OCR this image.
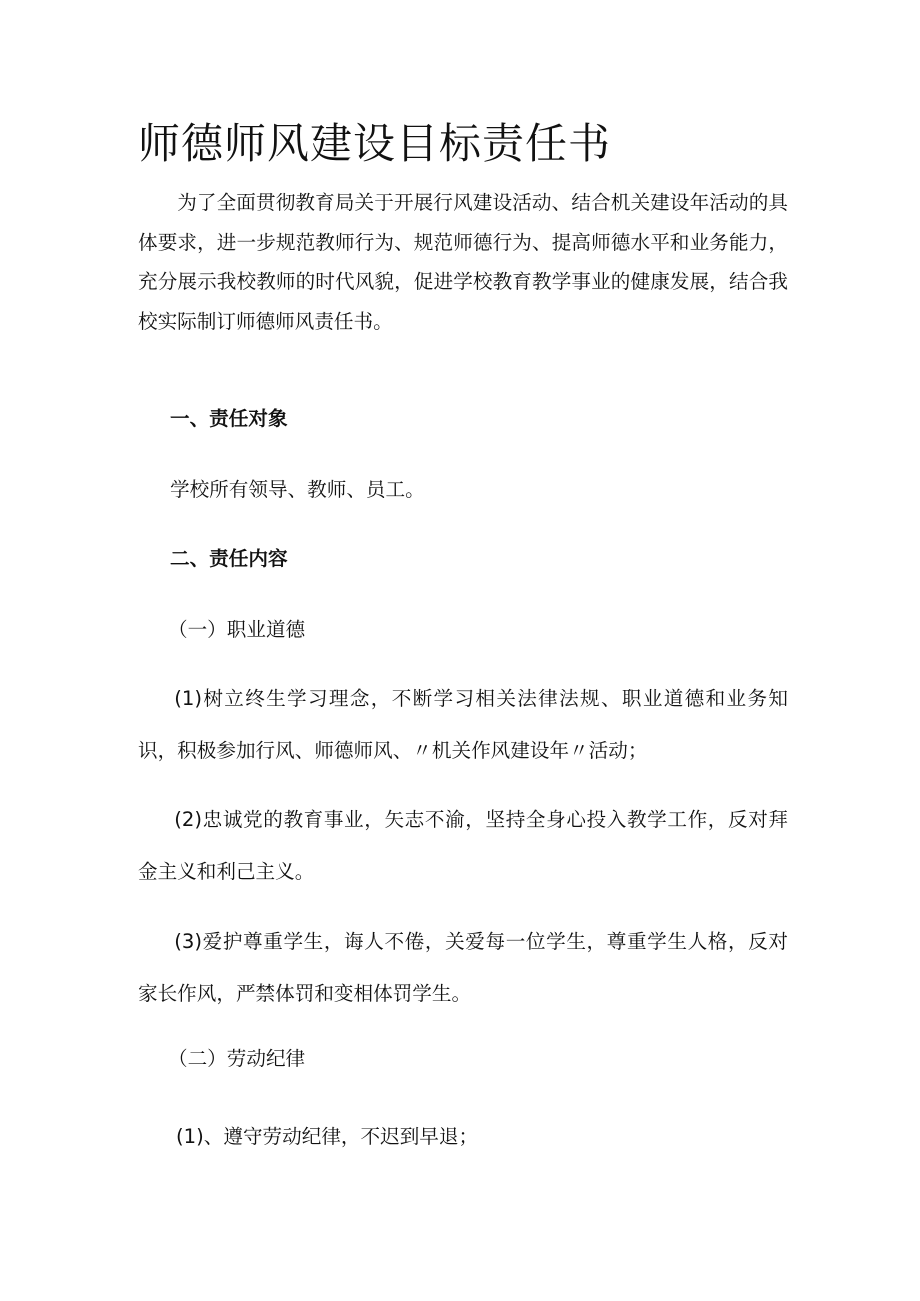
师德师风建设目标责任书

为了全面贯彻教育局关于开展行风建设活动、结合机关建设年活动的具体要求，进一步规范教师行为、规范师德行为、提高师德水平和业务能力，充分展示我校教师的时代风貌，促进学校教育教学事业的健康发展，结合我校实际制订师德师风责任书。

一、责任对象

学校所有领导、教师、员工。

二、责任内容

（一）职业道德

(1)树立终生学习理念，不断学习相关法律法规、职业道德和业务知识，积极参加行风、师德师风、〃机关作风建设年〃活动；

(2)忠诚党的教育事业，矢志不渝，坚持全身心投入教学工作，反对拜金主义和利己主义。

(3)爱护尊重学生，诲人不倦，关爱每一位学生，尊重学生人格，反对家长作风，严禁体罚和变相体罚学生。

（二）劳动纪律

(1)、遵守劳动纪律，不迟到早退；
